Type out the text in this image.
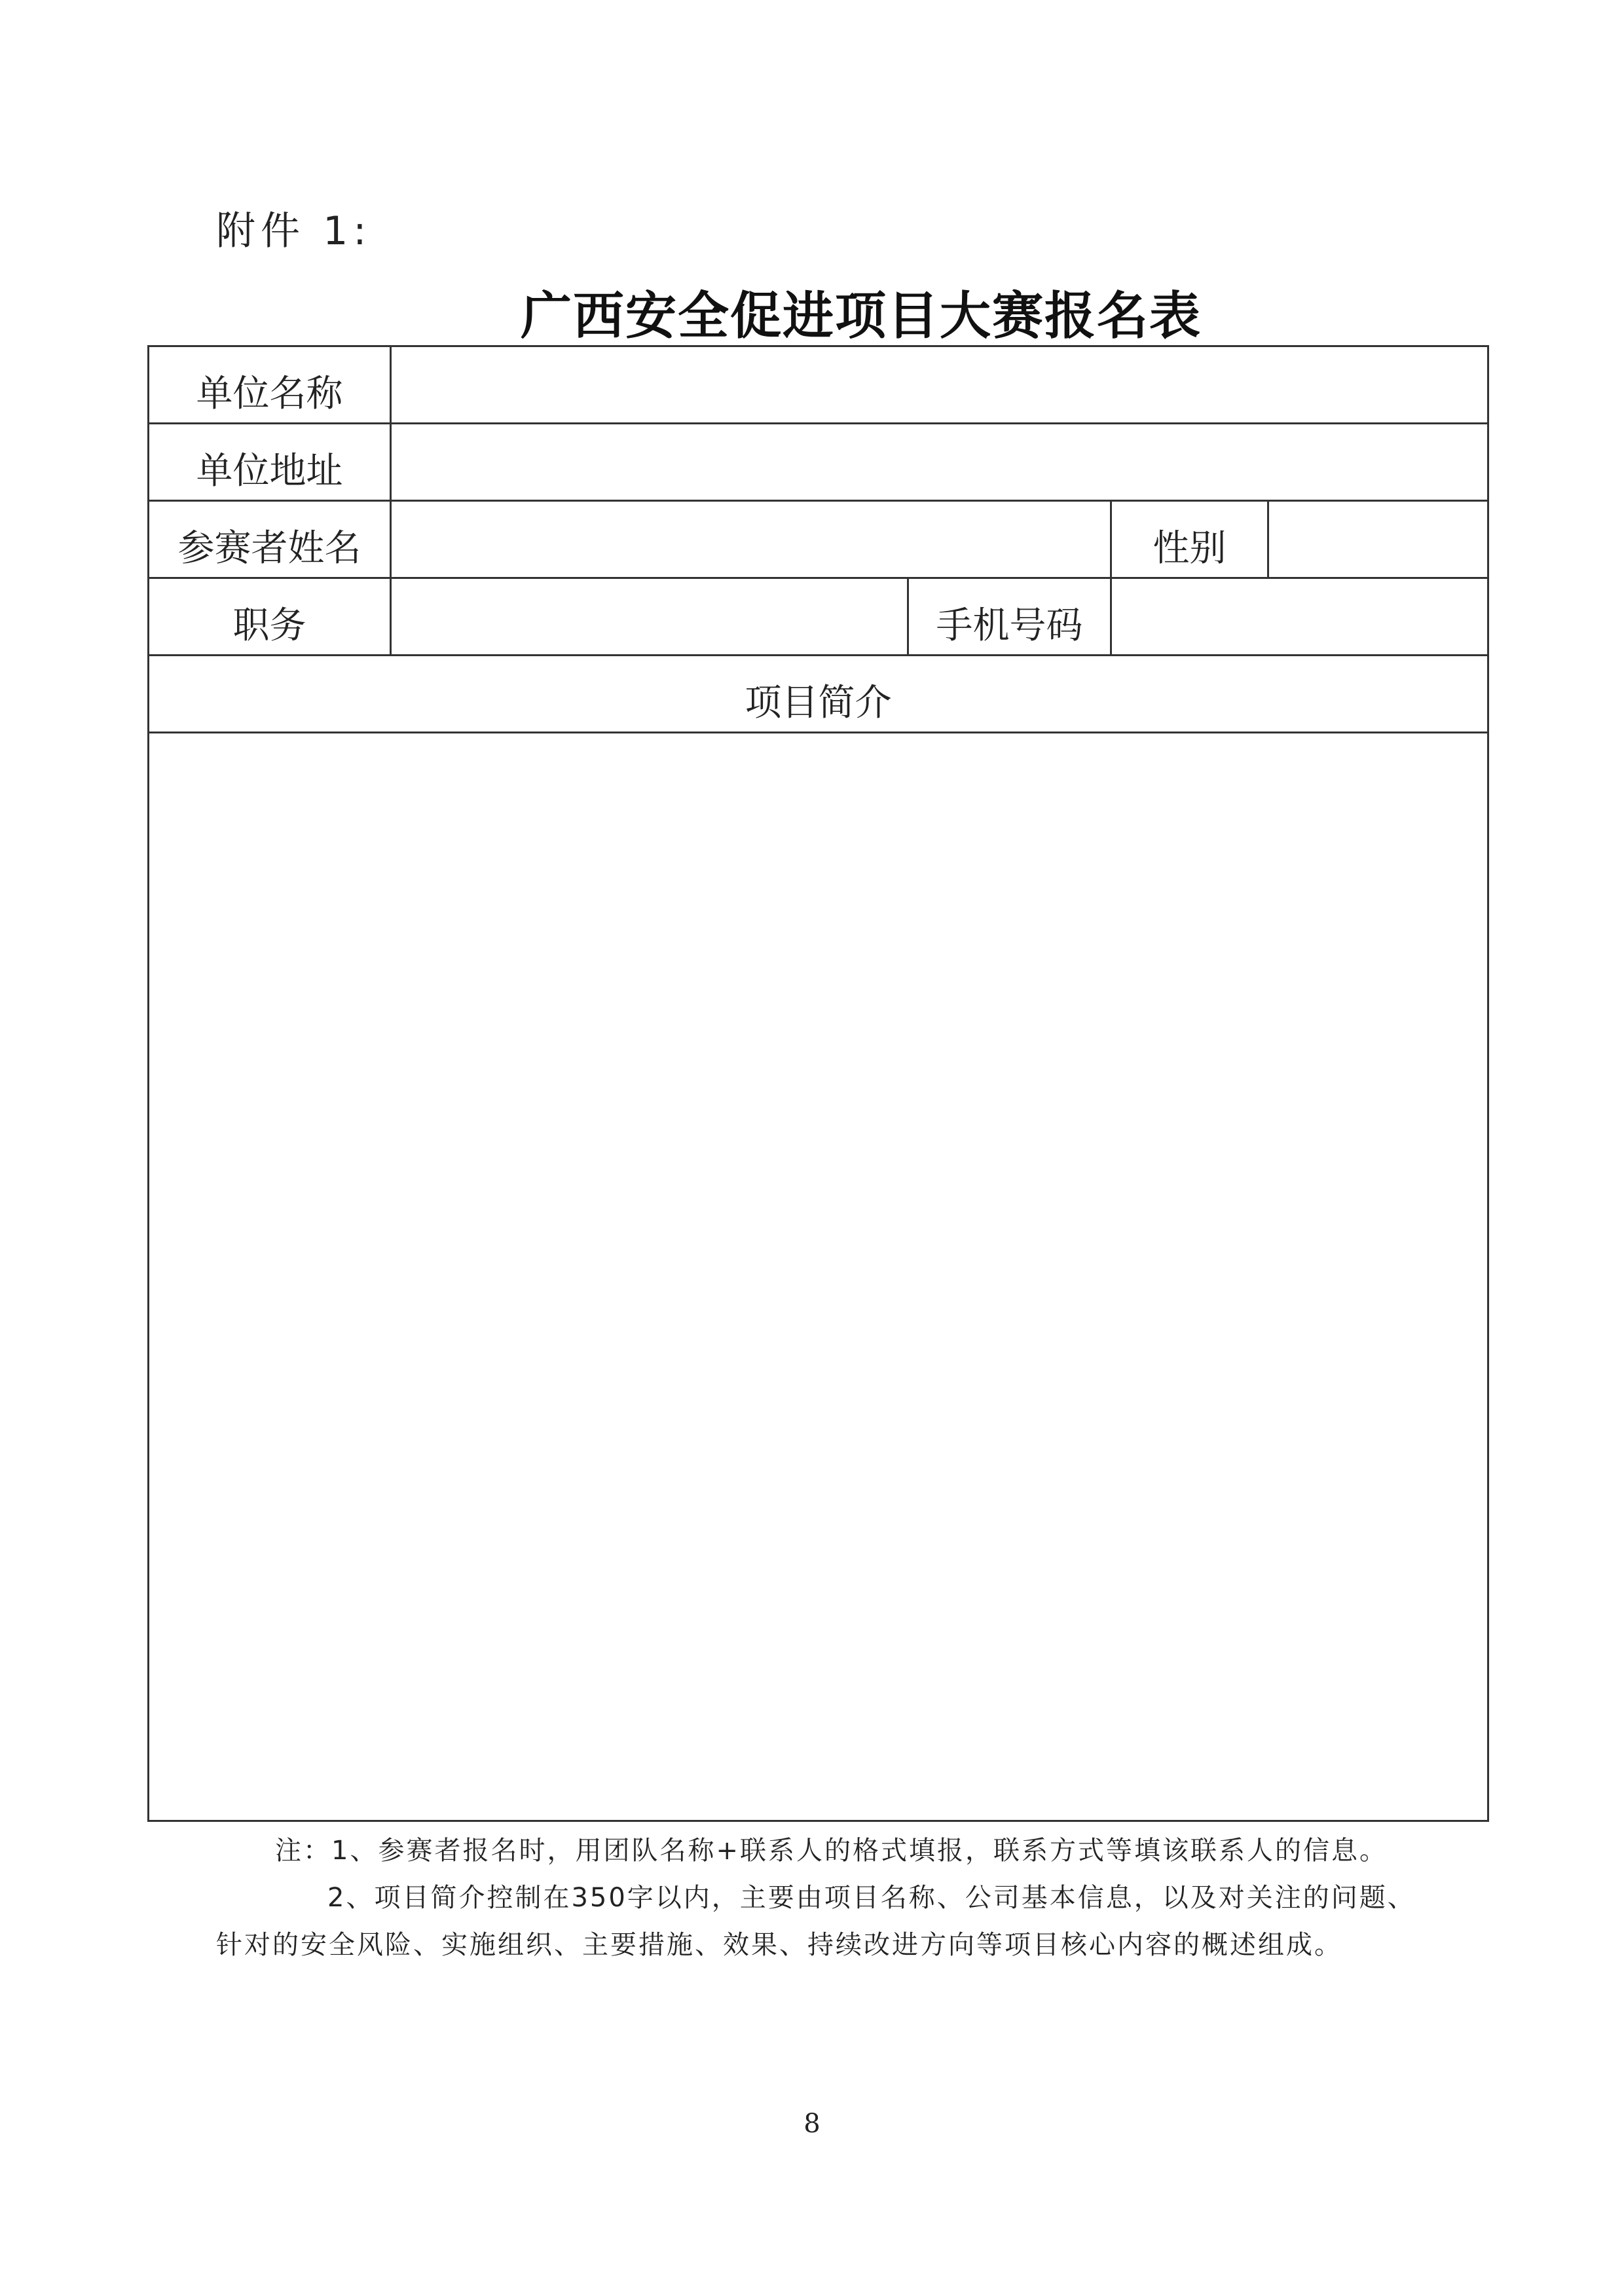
附件 1:
广西安全促进项目大赛报名表
单位名称				
单位地址				
参赛者姓名			性别	
职务		手机号码		
项目简介				

注：1、参赛者报名时，用团队名称+联系人的格式填报，联系方式等填该联系人的信息。
2、项目简介控制在350字以内，主要由项目名称、公司基本信息，以及对关注的问题、
针对的安全风险、实施组织、主要措施、效果、持续改进方向等项目核心内容的概述组成。
8
